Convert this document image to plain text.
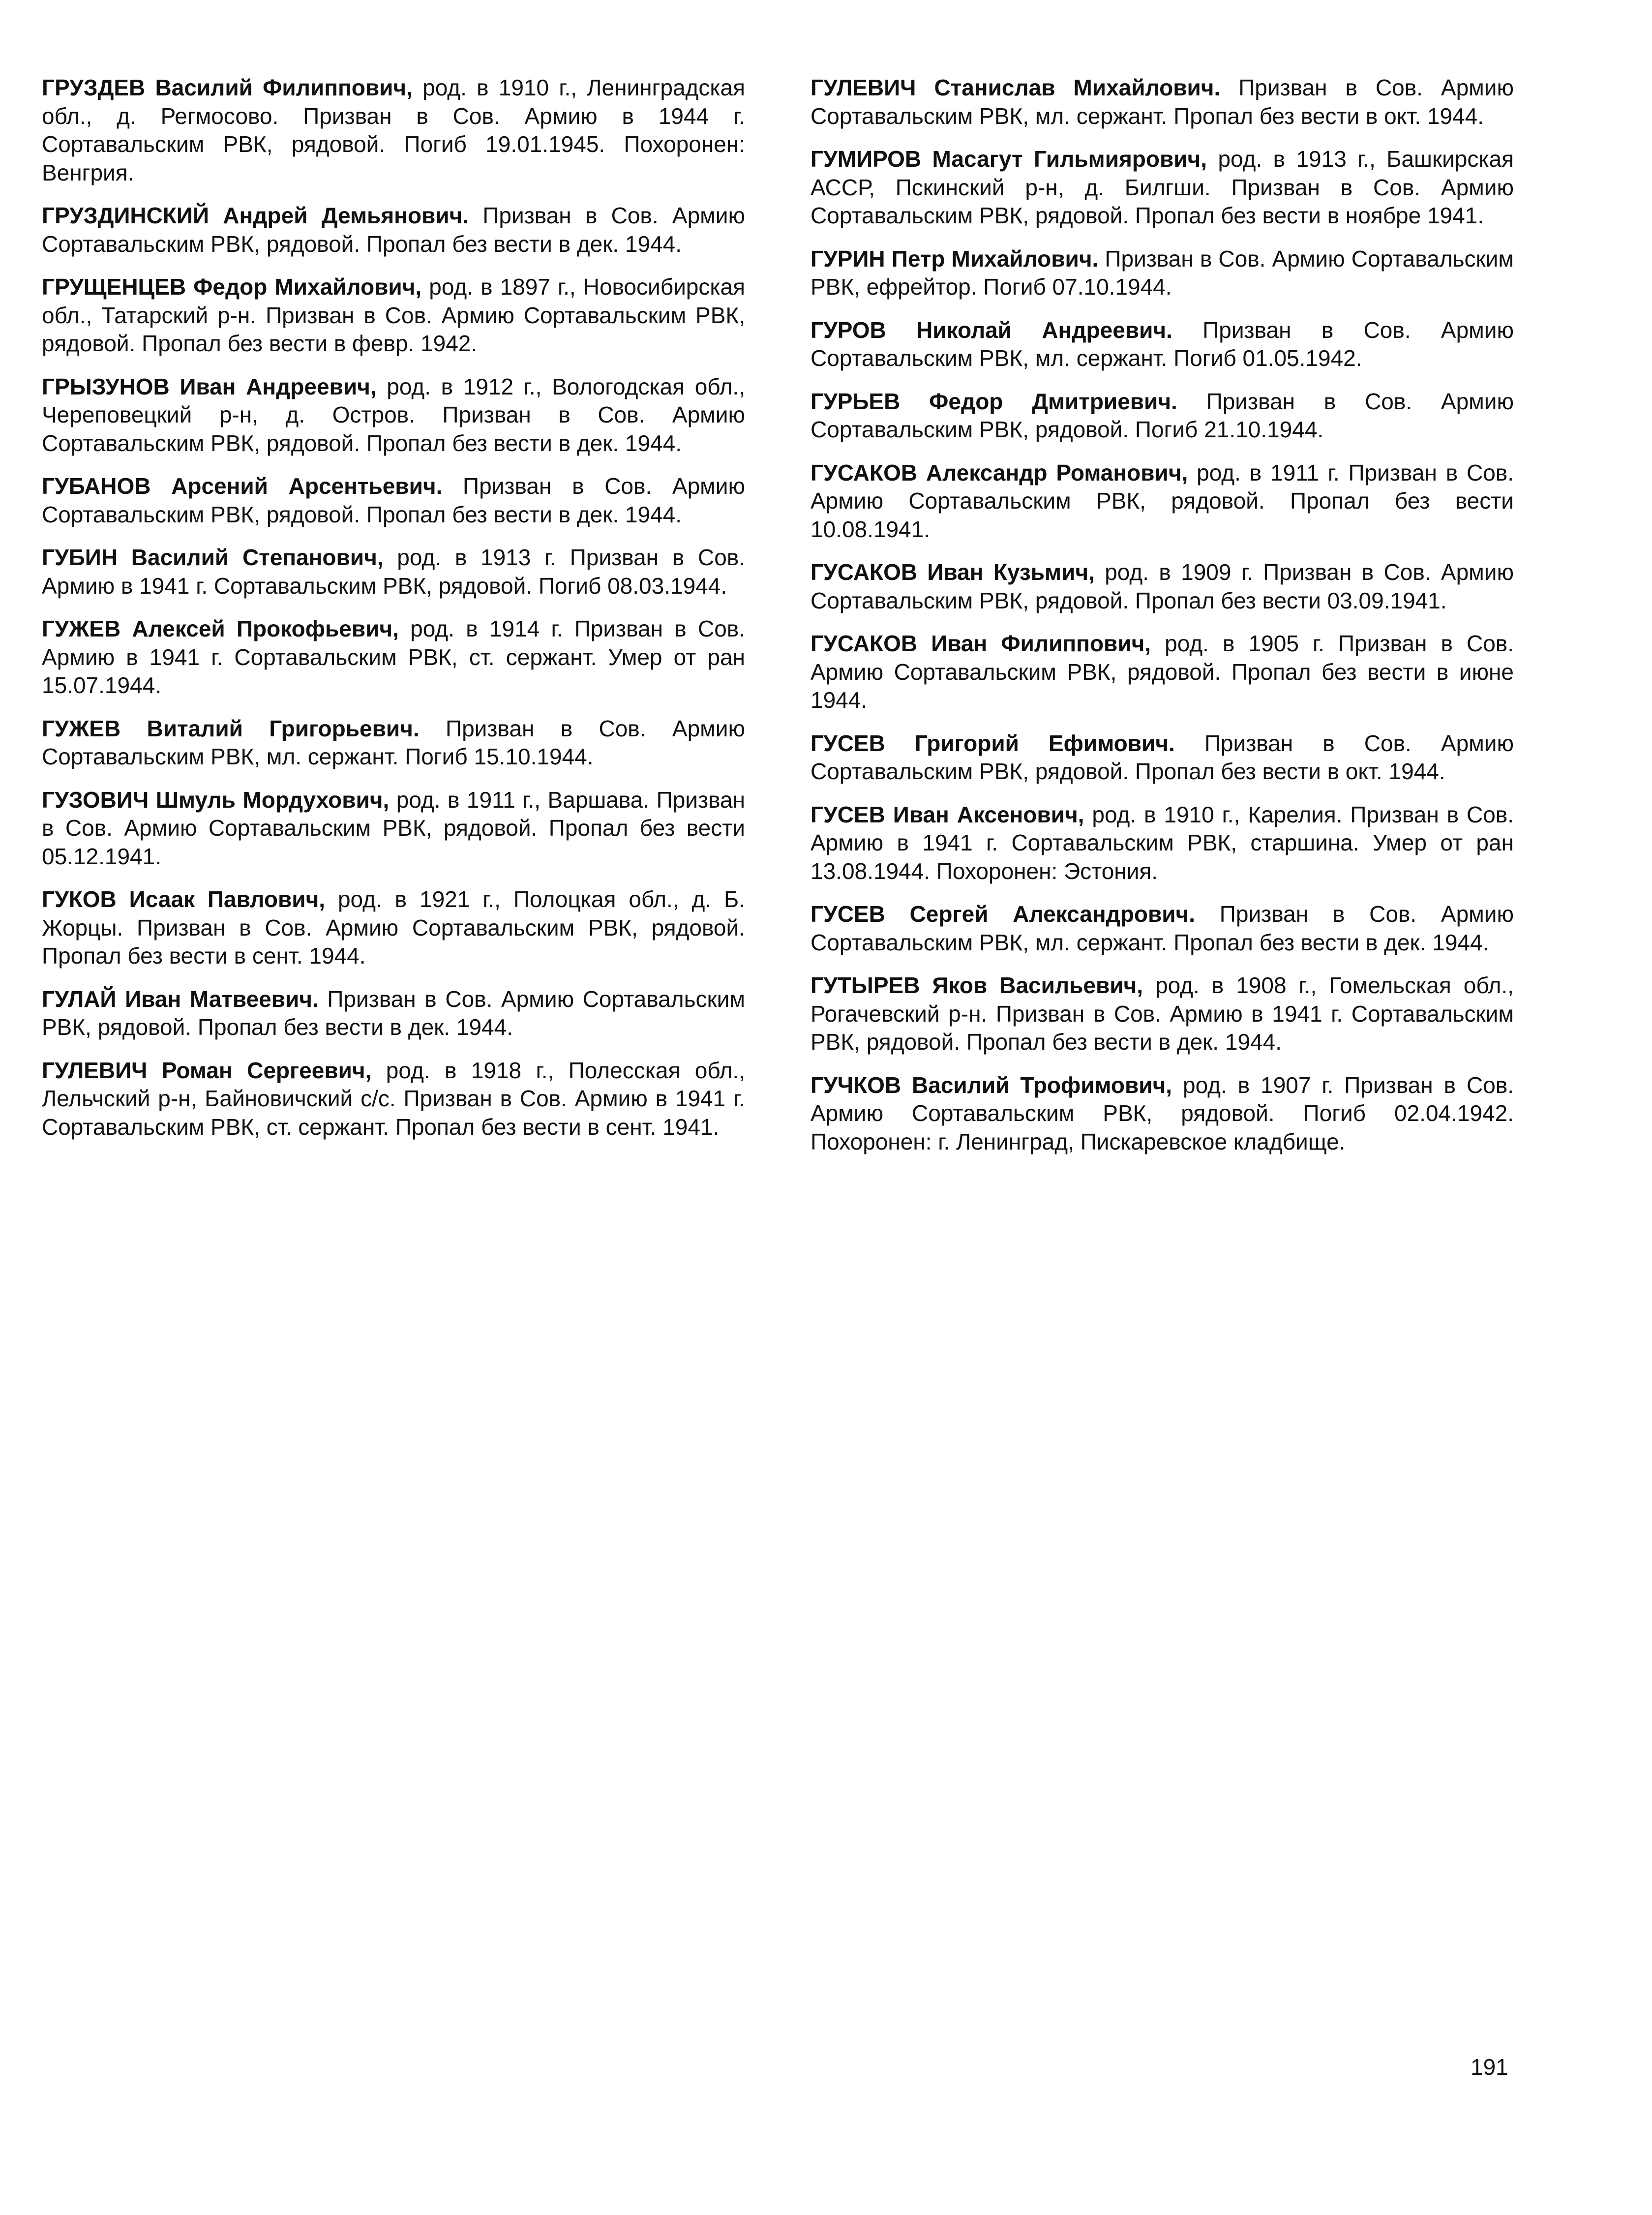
ГРУЗДЕВ Василий Филиппович, род. в 1910 г., Ленинградская обл., д. Регмосово. Призван в Сов. Армию в 1944 г. Сортавальским РВК, рядовой. Погиб 19.01.1945. Похоронен: Венгрия.

ГРУЗДИНСКИЙ Андрей Демьянович. Призван в Сов. Армию Сортавальским РВК, рядовой. Пропал без вести в дек. 1944.

ГРУЩЕНЦЕВ Федор Михайлович, род. в 1897 г., Новосибирская обл., Татарский р-н. Призван в Сов. Армию Сортавальским РВК, рядовой. Пропал без вести в февр. 1942.

ГРЫЗУНОВ Иван Андреевич, род. в 1912 г., Вологодская обл., Череповецкий р-н, д. Остров. Призван в Сов. Армию Сортавальским РВК, рядовой. Пропал без вести в дек. 1944.

ГУБАНОВ Арсений Арсентьевич. Призван в Сов. Армию Сортавальским РВК, рядовой. Пропал без вести в дек. 1944.

ГУБИН Василий Степанович, род. в 1913 г. Призван в Сов. Армию в 1941 г. Сортавальским РВК, рядовой. Погиб 08.03.1944.

ГУЖЕВ Алексей Прокофьевич, род. в 1914 г. Призван в Сов. Армию в 1941 г. Сортавальским РВК, ст. сержант. Умер от ран 15.07.1944.

ГУЖЕВ Виталий Григорьевич. Призван в Сов. Армию Сортавальским РВК, мл. сержант. Погиб 15.10.1944.

ГУЗОВИЧ Шмуль Мордухович, род. в 1911 г., Варшава. Призван в Сов. Армию Сортавальским РВК, рядовой. Пропал без вести 05.12.1941.

ГУКОВ Исаак Павлович, род. в 1921 г., Полоцкая обл., д. Б. Жорцы. Призван в Сов. Армию Сортавальским РВК, рядовой. Пропал без вести в сент. 1944.

ГУЛАЙ Иван Матвеевич. Призван в Сов. Армию Сортавальским РВК, рядовой. Пропал без вести в дек. 1944.

ГУЛЕВИЧ Роман Сергеевич, род. в 1918 г., Полесская обл., Лельчский р-н, Байновичский с/с. Призван в Сов. Армию в 1941 г. Сортавальским РВК, ст. сержант. Пропал без вести в сент. 1941.

ГУЛЕВИЧ Станислав Михайлович. Призван в Сов. Армию Сортавальским РВК, мл. сержант. Пропал без вести в окт. 1944.

ГУМИРОВ Масагут Гильмиярович, род. в 1913 г., Башкирская АССР, Пскинский р-н, д. Билгши. Призван в Сов. Армию Сортавальским РВК, рядовой. Пропал без вести в ноябре 1941.

ГУРИН Петр Михайлович. Призван в Сов. Армию Сортавальским РВК, ефрейтор. Погиб 07.10.1944.

ГУРОВ Николай Андреевич. Призван в Сов. Армию Сортавальским РВК, мл. сержант. Погиб 01.05.1942.

ГУРЬЕВ Федор Дмитриевич. Призван в Сов. Армию Сортавальским РВК, рядовой. Погиб 21.10.1944.

ГУСАКОВ Александр Романович, род. в 1911 г. Призван в Сов. Армию Сортавальским РВК, рядовой. Пропал без вести 10.08.1941.

ГУСАКОВ Иван Кузьмич, род. в 1909 г. Призван в Сов. Армию Сортавальским РВК, рядовой. Пропал без вести 03.09.1941.

ГУСАКОВ Иван Филиппович, род. в 1905 г. Призван в Сов. Армию Сортавальским РВК, рядовой. Пропал без вести в июне 1944.

ГУСЕВ Григорий Ефимович. Призван в Сов. Армию Сортавальским РВК, рядовой. Пропал без вести в окт. 1944.

ГУСЕВ Иван Аксенович, род. в 1910 г., Карелия. Призван в Сов. Армию в 1941 г. Сортавальским РВК, старшина. Умер от ран 13.08.1944. Похоронен: Эстония.

ГУСЕВ Сергей Александрович. Призван в Сов. Армию Сортавальским РВК, мл. сержант. Пропал без вести в дек. 1944.

ГУТЫРЕВ Яков Васильевич, род. в 1908 г., Гомельская обл., Рогачевский р-н. Призван в Сов. Армию в 1941 г. Сортавальским РВК, рядовой. Пропал без вести в дек. 1944.

ГУЧКОВ Василий Трофимович, род. в 1907 г. Призван в Сов. Армию Сортавальским РВК, рядовой. Погиб 02.04.1942. Похоронен: г. Ленинград, Пискаревское кладбище.

191
